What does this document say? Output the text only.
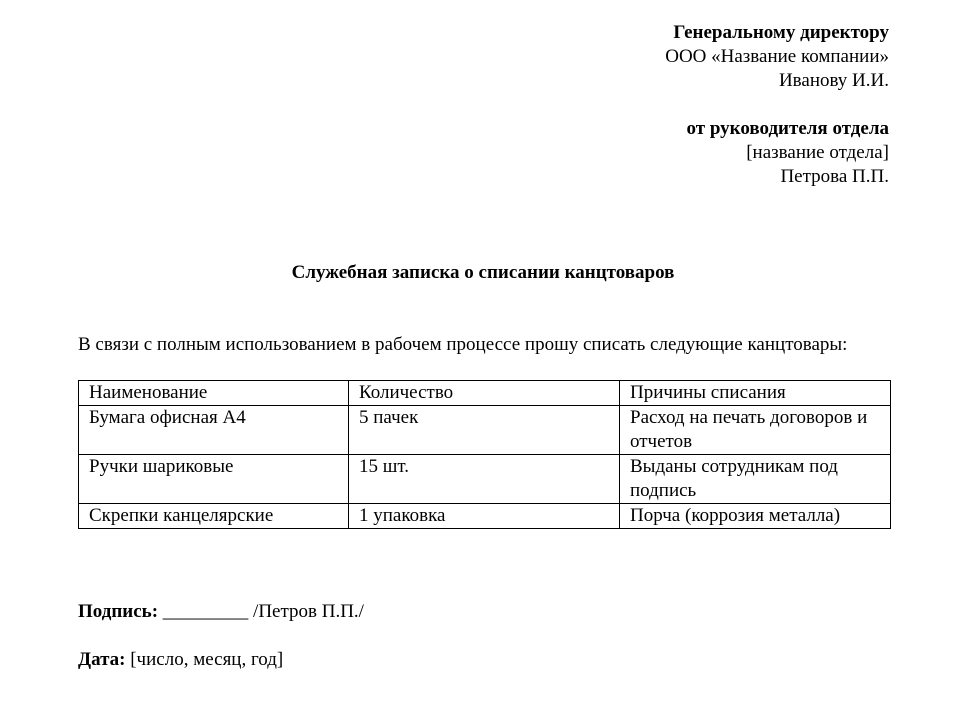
Генеральному директору
ООО «Название компании»
Иванову И.И.
от руководителя отдела
[название отдела]
Петрова П.П.
Служебная записка о списании канцтоваров
В связи с полным использованием в рабочем процессе прошу списать следующие канцтовары:
Наименование	Количество	Причины списания
Бумага офисная А4	5 пачек	Расход на печать договоров и отчетов
Ручки шариковые	15 шт.	Выданы сотрудникам под подпись
Скрепки канцелярские	1 упаковка	Порча (коррозия металла)
Подпись: _________ /Петров П.П./
Дата: [число, месяц, год]
